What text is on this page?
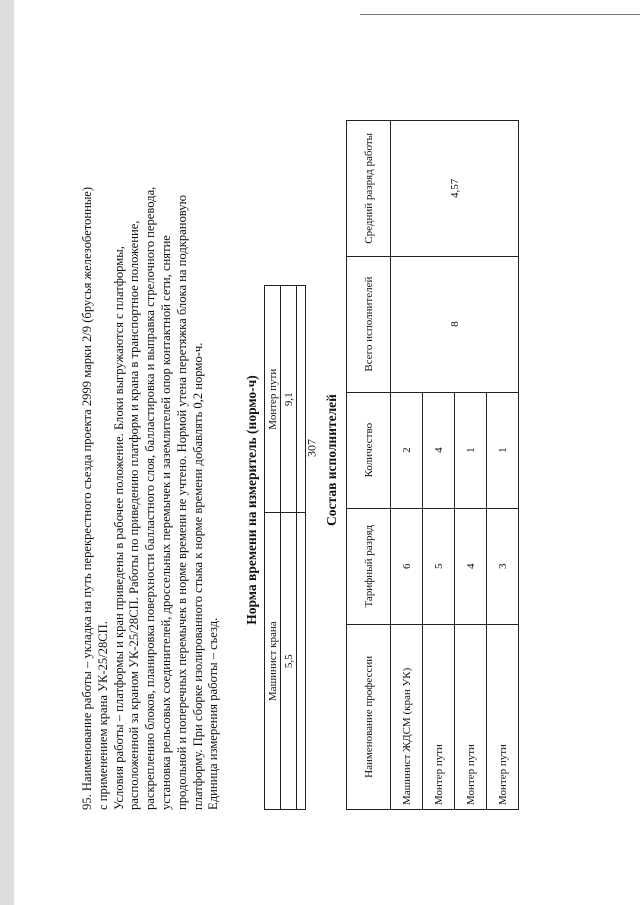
307

95. Наименование работы – укладка на путь перекрестного съезда проекта 2999 марки 2/9 (брусья железобетонные) с применением крана УК-25/28СП. Условия работы – платформы и кран приведены в рабочее положение. Блоки выгружаются с платформы, расположенной за краном УК-25/28СП. Работы по приведению платформ и крана в транспортное положение, раскреплению блоков, планировка поверхности балластного слоя, балластировка и выправка стрелочного перевода, установка рельсовых соединителей, дроссельных перемычек и заземлителей опор контактной сети, снятие продольной и поперечных перемычек в норме времени не учтено. Нормой утена перетяжка блока на подкрановую платформу. При сборке изолированного стыка к норме времени добавлять 0,2 нормо-ч. Единица измерения работы – съезд.

Норма времени на измеритель (нормо-ч)
Машинист крана	Монтер пути
5,5	9,1
	Состав исполнителей
Наименование профессии	Тарифный разряд	Количество	Всего исполнителей	Средний разряд работы
Машинист ЖДСМ (кран УК)	6	2	8	4,57
Монтер пути	5	4		
Монтер пути	4	1		
Монтер пути	3	1		
